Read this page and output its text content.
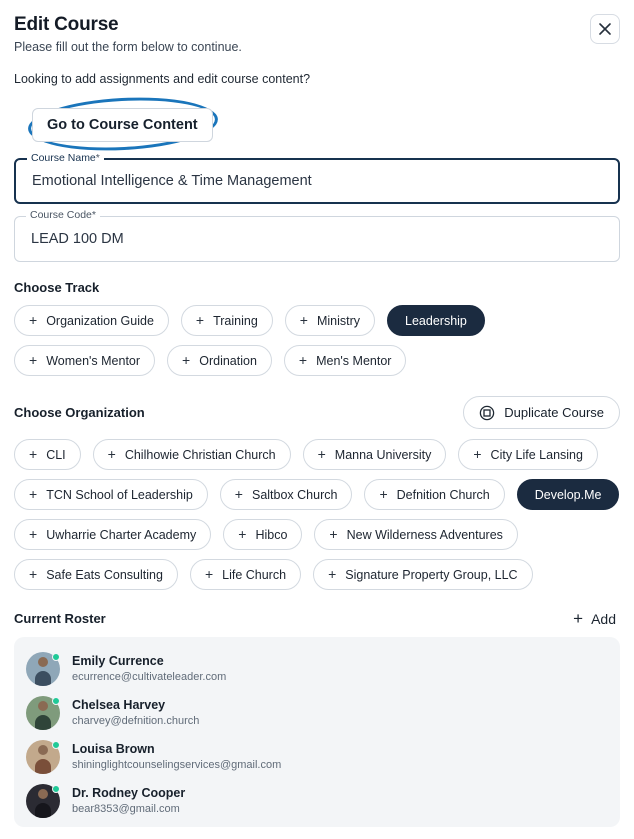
Edit Course

Please fill out the form below to continue.

Looking to add assignments and edit course content?

Go to Course Content
Course Name*
Emotional Intelligence & Time Management
Course Code*
LEAD 100 DM
Choose Track
+ Organization Guide	+ Training	+ Ministry	Leadership
+ Women's Mentor	+ Ordination	+ Men's Mentor
Choose Organization	Duplicate Course
+ CLI	+ Chilhowie Christian Church	+ Manna University	+ City Life Lansing
+ TCN School of Leadership	+ Saltbox Church	+ Defnition Church	Develop.Me
+ Uwharrie Charter Academy	+ Hibco	+ New Wilderness Adventures
+ Safe Eats Consulting	+ Life Church	+ Signature Property Group, LLC
Current Roster	+ Add
Emily Currence
ecurrence@cultivateleader.com
Chelsea Harvey
charvey@defnition.church
Louisa Brown
shininglightcounselingservices@gmail.com
Dr. Rodney Cooper
bear8353@gmail.com
